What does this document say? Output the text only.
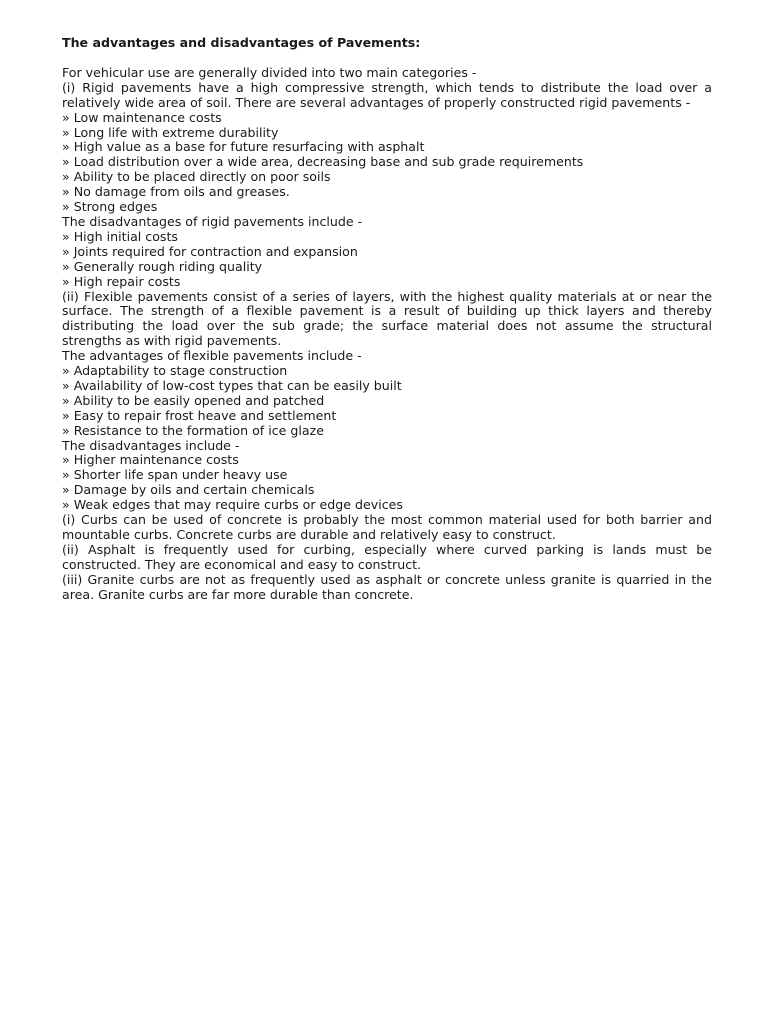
The advantages and disadvantages of Pavements:

For vehicular use are generally divided into two main categories -

(i) Rigid pavements have a high compressive strength, which tends to distribute the load over a relatively wide area of soil. There are several advantages of properly constructed rigid pavements -

» Low maintenance costs

» Long life with extreme durability

» High value as a base for future resurfacing with asphalt

» Load distribution over a wide area, decreasing base and sub grade requirements

» Ability to be placed directly on poor soils

» No damage from oils and greases.

» Strong edges

The disadvantages of rigid pavements include -

» High initial costs

» Joints required for contraction and expansion

» Generally rough riding quality

» High repair costs

(ii) Flexible pavements consist of a series of layers, with the highest quality materials at or near the surface. The strength of a flexible pavement is a result of building up thick layers and thereby distributing the load over the sub grade; the surface material does not assume the structural strengths as with rigid pavements.

The advantages of flexible pavements include -

» Adaptability to stage construction

» Availability of low-cost types that can be easily built

» Ability to be easily opened and patched

» Easy to repair frost heave and settlement

» Resistance to the formation of ice glaze

The disadvantages include -

» Higher maintenance costs

» Shorter life span under heavy use

» Damage by oils and certain chemicals

» Weak edges that may require curbs or edge devices

(i) Curbs can be used of concrete is probably the most common material used for both barrier and mountable curbs. Concrete curbs are durable and relatively easy to construct.

(ii) Asphalt is frequently used for curbing, especially where curved parking is lands must be constructed. They are economical and easy to construct.

(iii) Granite curbs are not as frequently used as asphalt or concrete unless granite is quarried in the area. Granite curbs are far more durable than concrete.
